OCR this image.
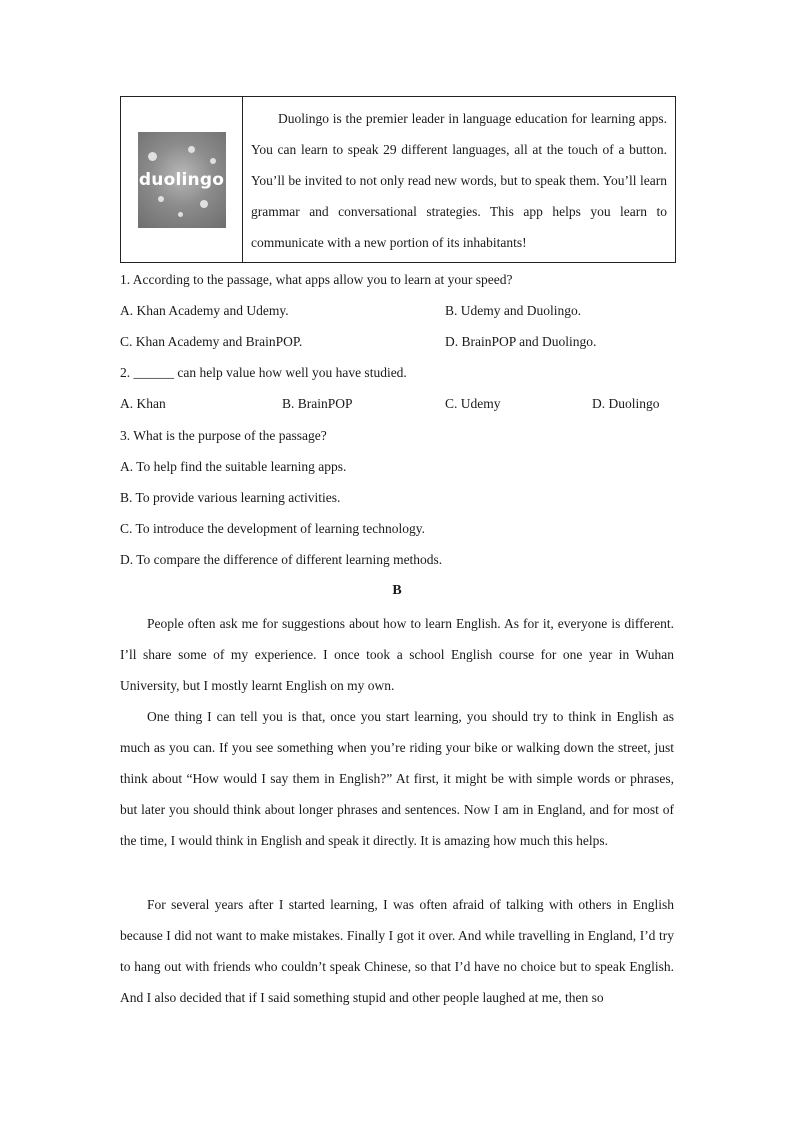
duolingo

Duolingo is the premier leader in language education for learning apps. You can learn to speak 29 different languages, all at the touch of a button. You’ll be invited to not only read new words, but to speak them. You’ll learn grammar and conversational strategies. This app helps you learn to communicate with a new portion of its inhabitants!

1. According to the passage, what apps allow you to learn at your speed?

A. Khan Academy and Udemy.	B. Udemy and Duolingo.

C. Khan Academy and BrainPOP.	D. BrainPOP and Duolingo.

2. ______ can help value how well you have studied.

A. Khan	B. BrainPOP	C. Udemy	D. Duolingo

3. What is the purpose of the passage?

A. To help find the suitable learning apps.

B. To provide various learning activities.

C. To introduce the development of learning technology.

D. To compare the difference of different learning methods.

B

People often ask me for suggestions about how to learn English. As for it, everyone is different. I’ll share some of my experience. I once took a school English course for one year in Wuhan University, but I mostly learnt English on my own.

One thing I can tell you is that, once you start learning, you should try to think in English as much as you can. If you see something when you’re riding your bike or walking down the street, just think about “How would I say them in English?” At first, it might be with simple words or phrases, but later you should think about longer phrases and sentences. Now I am in England, and for most of the time, I would think in English and speak it directly. It is amazing how much this helps.

For several years after I started learning, I was often afraid of talking with others in English because I did not want to make mistakes. Finally I got it over. And while travelling in England, I’d try to hang out with friends who couldn’t speak Chinese, so that I’d have no choice but to speak English. And I also decided that if I said something stupid and other people laughed at me, then so
